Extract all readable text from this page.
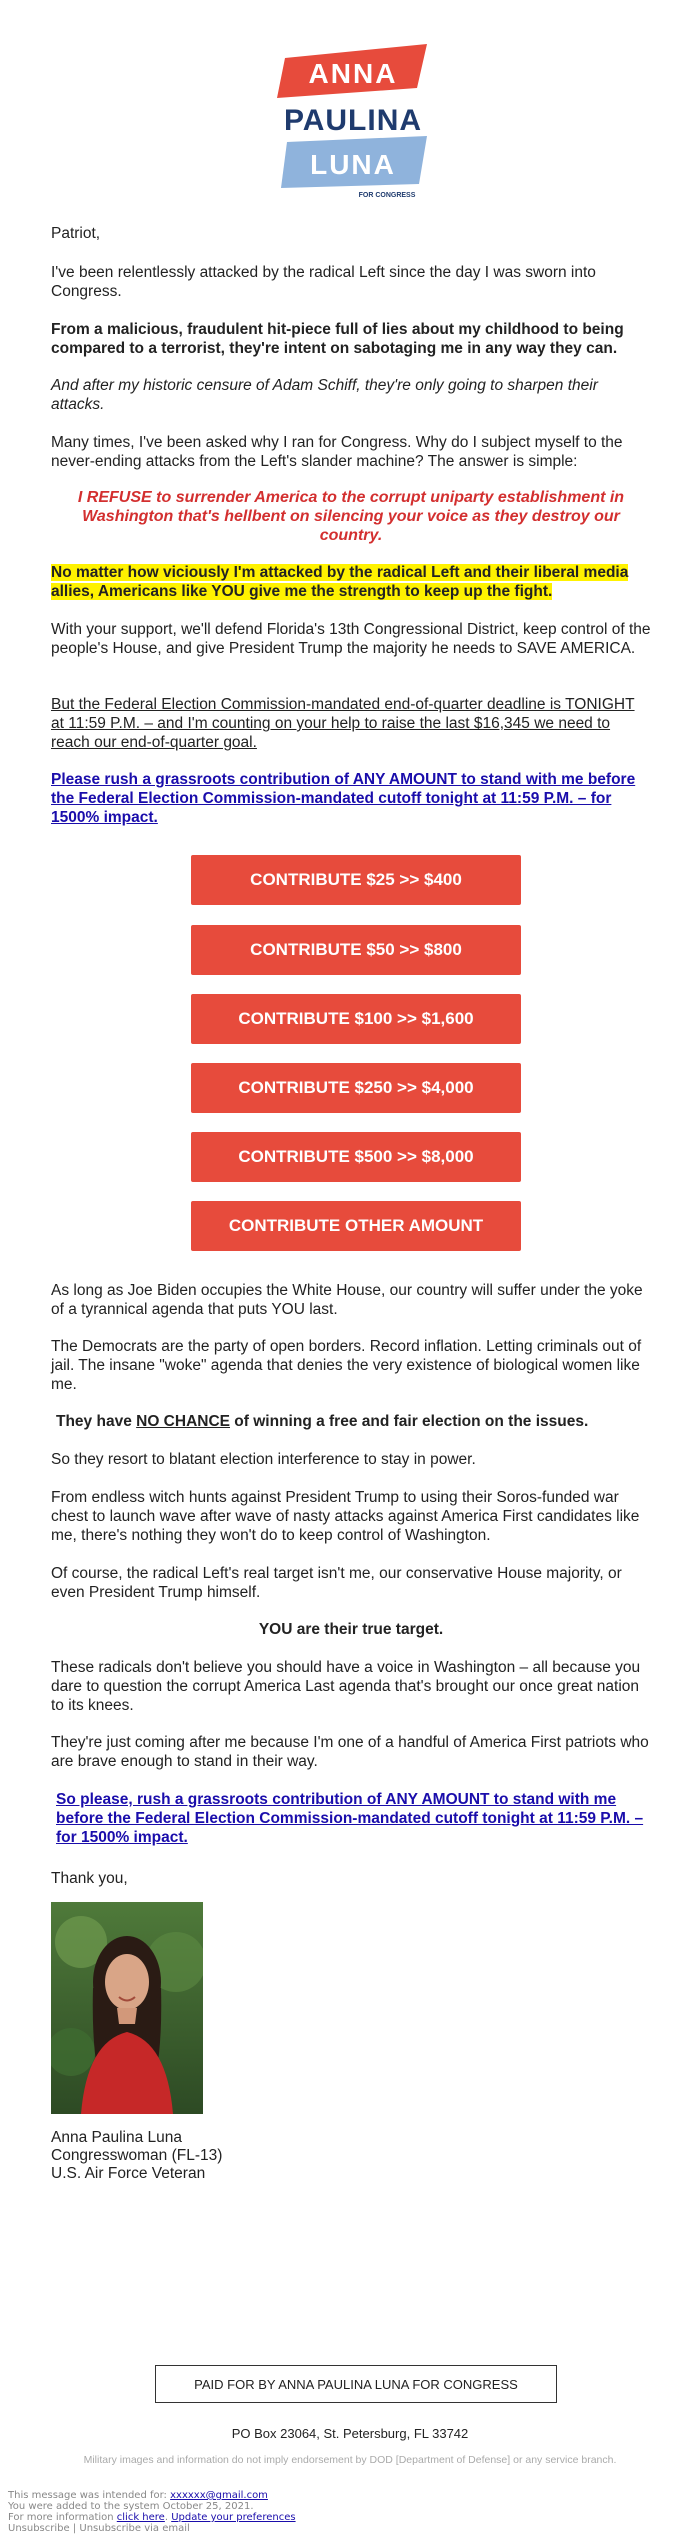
ANNA
PAULINA
LUNA
FOR CONGRESS

Patriot,

I've been relentlessly attacked by the radical Left since the day I was sworn into Congress.

From a malicious, fraudulent hit-piece full of lies about my childhood to being compared to a terrorist, they're intent on sabotaging me in any way they can.

And after my historic censure of Adam Schiff, they're only going to sharpen their attacks.

Many times, I've been asked why I ran for Congress. Why do I subject myself to the never-ending attacks from the Left's slander machine? The answer is simple:

I REFUSE to surrender America to the corrupt uniparty establishment in Washington that's hellbent on silencing your voice as they destroy our country.

No matter how viciously I'm attacked by the radical Left and their liberal media allies, Americans like YOU give me the strength to keep up the fight.

With your support, we'll defend Florida's 13th Congressional District, keep control of the people's House, and give President Trump the majority he needs to SAVE AMERICA.

But the Federal Election Commission-mandated end-of-quarter deadline is TONIGHT at 11:59 P.M. – and I'm counting on your help to raise the last $16,345 we need to reach our end-of-quarter goal.

Please rush a grassroots contribution of ANY AMOUNT to stand with me before the Federal Election Commission-mandated cutoff tonight at 11:59 P.M. – for 1500% impact.

CONTRIBUTE $25 >> $400
CONTRIBUTE $50 >> $800
CONTRIBUTE $100 >> $1,600
CONTRIBUTE $250 >> $4,000
CONTRIBUTE $500 >> $8,000
CONTRIBUTE OTHER AMOUNT

As long as Joe Biden occupies the White House, our country will suffer under the yoke of a tyrannical agenda that puts YOU last.

The Democrats are the party of open borders. Record inflation. Letting criminals out of jail. The insane "woke" agenda that denies the very existence of biological women like me.

They have NO CHANCE of winning a free and fair election on the issues.

So they resort to blatant election interference to stay in power.

From endless witch hunts against President Trump to using their Soros-funded war chest to launch wave after wave of nasty attacks against America First candidates like me, there's nothing they won't do to keep control of Washington.

Of course, the radical Left's real target isn't me, our conservative House majority, or even President Trump himself.

YOU are their true target.

These radicals don't believe you should have a voice in Washington – all because you dare to question the corrupt America Last agenda that's brought our once great nation to its knees.

They're just coming after me because I'm one of a handful of America First patriots who are brave enough to stand in their way.

So please, rush a grassroots contribution of ANY AMOUNT to stand with me before the Federal Election Commission-mandated cutoff tonight at 11:59 P.M. – for 1500% impact.

Thank you,

Anna Paulina Luna

Congresswoman (FL-13)

U.S. Air Force Veteran

PAID FOR BY ANNA PAULINA LUNA FOR CONGRESS
PO Box 23064, St. Petersburg, FL 33742
Military images and information do not imply endorsement by DOD [Department of Defense] or any service branch.
This message was intended for: xxxxxx@gmail.com
You were added to the system October 25, 2021.
For more information click here. Update your preferences
Unsubscribe | Unsubscribe via email
